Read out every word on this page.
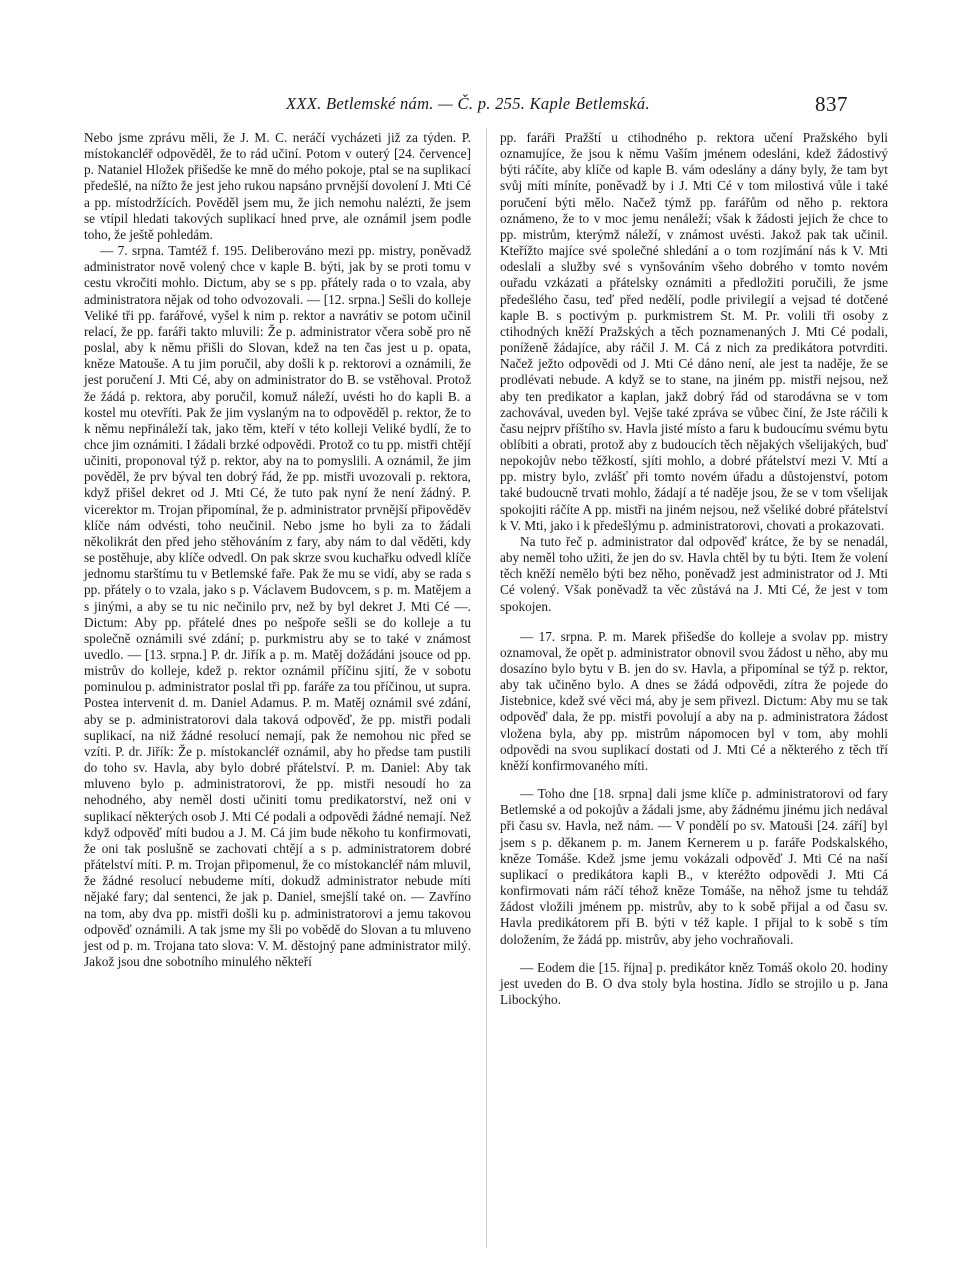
XXX. Betlemské nám. — Č. p. 255. Kaple Betlemská.	837

Nebo jsme zprávu měli, že J. M. C. neráčí vycházeti již za týden. P. místokancléř odpověděl, že to rád učiní. Potom v outerý [24. července] p. Nataniel Hložek přišedše ke mně do mého pokoje, ptal se na suplikací předešlé, na nížto že jest jeho rukou napsáno prvnější dovolení J. Mti Cé a pp. místodržících. Pověděl jsem mu, že jich nemohu nalézti, že jsem se vtípil hledati takových suplikací hned prve, ale oznámil jsem podle toho, že ještě pohledám.

— 7. srpna. Tamtéž f. 195. Deliberováno mezi pp. mistry, poněvadž administrator nově volený chce v kaple B. býti, jak by se proti tomu v cestu vkročiti mohlo. Dictum, aby se s pp. přátely rada o to vzala, aby administratora nějak od toho odvozovali. — [12. srpna.] Sešli do kolleje Veliké tři pp. farářové, vyšel k nim p. rektor a navrátiv se potom učinil relací, že pp. faráři takto mluvili: Že p. administrator včera sobě pro ně poslal, aby k němu přišli do Slovan, kdež na ten čas jest u p. opata, kněze Matouše. A tu jim poručil, aby došli k p. rektorovi a oznámili, že jest poručení J. Mti Cé, aby on administrator do B. se vstěhoval. Protož že žádá p. rektora, aby poručil, komuž náleží, uvésti ho do kapli B. a kostel mu otevříti. Pak že jim vyslaným na to odpověděl p. rektor, že to k němu nepřináleží tak, jako těm, kteří v této kolleji Veliké bydlí, že to chce jim oznámiti. I žádali brzké odpovědi. Protož co tu pp. mistři chtějí učiniti, proponoval týž p. rektor, aby na to pomyslili. A oznámil, že jim pověděl, že prv býval ten dobrý řád, že pp. mistři uvozovali p. rektora, když přišel dekret od J. Mti Cé, že tuto pak nyní že není žádný. P. vicerektor m. Trojan připomínal, že p. administrator prvnější připověděv klíče nám odvésti, toho neučinil. Nebo jsme ho byli za to žádali několikrát den před jeho stěhováním z fary, aby nám to dal věděti, kdy se postěhuje, aby klíče odvedl. On pak skrze svou kuchařku odvedl klíče jednomu starštímu tu v Betlemské faře. Pak že mu se vidí, aby se rada s pp. přátely o to vzala, jako s p. Václavem Budovcem, s p. m. Matějem a s jinými, a aby se tu nic nečinilo prv, než by byl dekret J. Mti Cé —. Dictum: Aby pp. přátelé dnes po nešpoře sešli se do kolleje a tu společně oznámili své zdání; p. purkmistru aby se to také v známost uvedlo. — [13. srpna.] P. dr. Jiřík a p. m. Matěj dožádáni jsouce od pp. mistrův do kolleje, kdež p. rektor oznámil příčinu sjití, že v sobotu pominulou p. administrator poslal tři pp. faráře za tou příčinou, ut supra. Postea intervenit d. m. Daniel Adamus. P. m. Matěj oznámil své zdání, aby se p. administratorovi dala taková odpověď, že pp. mistři podali suplikací, na niž žádné resolucí nemají, pak že nemohou nic před se vzíti. P. dr. Jiřík: Že p. místokancléř oznámil, aby ho předse tam pustili do toho sv. Havla, aby bylo dobré přátelství. P. m. Daniel: Aby tak mluveno bylo p. administratorovi, že pp. mistři nesoudí ho za nehodného, aby neměl dosti učiniti tomu predikatorství, než oni v suplikací některých osob J. Mti Cé podali a odpovědi žádné nemají. Než když odpověď míti budou a J. M. Cá jim bude někoho tu konfirmovati, že oni tak poslušně se zachovati chtějí a s p. administratorem dobré přátelství míti. P. m. Trojan připomenul, že co místokancléř nám mluvil, že žádné resolucí nebudeme míti, dokudž administrator nebude míti nějaké fary; dal sentenci, že jak p. Daniel, smejšlí také on. — Zavříno na tom, aby dva pp. mistři došli ku p. administratorovi a jemu takovou odpověď oznámili. A tak jsme my šli po vobědě do Slovan a tu mluveno jest od p. m. Trojana tato slova: V. M. děstojný pane administrator milý. Jakož jsou dne sobotního minulého někteří

pp. faráři Pražští u ctihodného p. rektora učení Pražského byli oznamujíce, že jsou k němu Vaším jménem odesláni, kdež žádostivý býti ráčíte, aby klíče od kaple B. vám odeslány a dány byly, že tam byt svůj míti míníte, poněvadž by i J. Mti Cé v tom milostivá vůle i také poručení býti mělo. Načež týmž pp. farářům od něho p. rektora oznámeno, že to v moc jemu nenáleží; však k žádosti jejich že chce to pp. mistrům, kterýmž náleží, v známost uvésti. Jakož pak tak učinil. Kteřížto majíce své společné shledání a o tom rozjímání nás k V. Mti odeslali a služby své s vynšováním všeho dobrého v tomto novém ouřadu vzkázati a přátelsky oznámiti a předložiti poručili, že jsme předešlého času, teď před nedělí, podle privilegií a vejsad té dotčené kaple B. s poctivým p. purkmistrem St. M. Pr. volili tři osoby z ctihodných kněží Pražských a těch poznamenaných J. Mti Cé podali, poníženě žádajíce, aby ráčil J. M. Cá z nich za predikátora potvrditi. Načež ježto odpovědi od J. Mti Cé dáno není, ale jest ta naděje, že se prodlévati nebude. A když se to stane, na jiném pp. mistři nejsou, než aby ten predikator a kaplan, jakž dobrý řád od starodávna se v tom zachovával, uveden byl. Vejše také zpráva se vůbec činí, že Jste ráčili k času nejprv příštího sv. Havla jisté místo a faru k budoucímu svému bytu oblíbiti a obrati, protož aby z budoucích těch nějakých všelijakých, buď nepokojův nebo těžkostí, sjíti mohlo, a dobré přátelství mezi V. Mtí a pp. mistry bylo, zvlášť při tomto novém úřadu a důstojenství, potom také budoucně trvati mohlo, žádají a té naděje jsou, že se v tom všelijak spokojiti ráčíte A pp. mistři na jiném nejsou, než všeliké dobré přátelství k V. Mti, jako i k předešlýmu p. administratorovi, chovati a prokazovati.

Na tuto řeč p. administrator dal odpověď krátce, že by se nenadál, aby neměl toho užiti, že jen do sv. Havla chtěl by tu býti. Item že volení těch kněží nemělo býti bez něho, poněvadž jest administrator od J. Mti Cé volený. Však poněvadž ta věc zůstává na J. Mti Cé, že jest v tom spokojen.

— 17. srpna. P. m. Marek přišedše do kolleje a svolav pp. mistry oznamoval, že opět p. administrator obnovil svou žádost u něho, aby mu dosazíno bylo bytu v B. jen do sv. Havla, a připomínal se týž p. rektor, aby tak učiněno bylo. A dnes se žádá odpovědi, zítra že pojede do Jistebnice, kdež své věci má, aby je sem přivezl. Dictum: Aby mu se tak odpověď dala, že pp. mistři povolují a aby na p. administratora žádost vložena byla, aby pp. mistrům nápomocen byl v tom, aby mohli odpovědi na svou suplikací dostati od J. Mti Cé a některého z těch tří kněží konfirmovaného míti.

— Toho dne [18. srpna] dali jsme klíče p. administratorovi od fary Betlemské a od pokojův a žádali jsme, aby žádnému jinému jich nedával při času sv. Havla, než nám. — V pondělí po sv. Matouši [24. září] byl jsem s p. děkanem p. m. Janem Kernerem u p. faráře Podskalského, kněze Tomáše. Kdež jsme jemu vokázali odpověď J. Mti Cé na naší suplikací o predikátora kapli B., v kteréžto odpovědi J. Mti Cá konfirmovati nám ráčí téhož kněze Tomáše, na něhož jsme tu tehdáž žádost vložili jménem pp. mistrův, aby to k sobě přijal a od času sv. Havla predikátorem při B. býti v též kaple. I přijal to k sobě s tím doložením, že žádá pp. mistrův, aby jeho vochraňovali.

— Eodem die [15. října] p. predikátor kněz Tomáš okolo 20. hodiny jest uveden do B. O dva stoly byla hostina. Jídlo se strojilo u p. Jana Libockýho.
